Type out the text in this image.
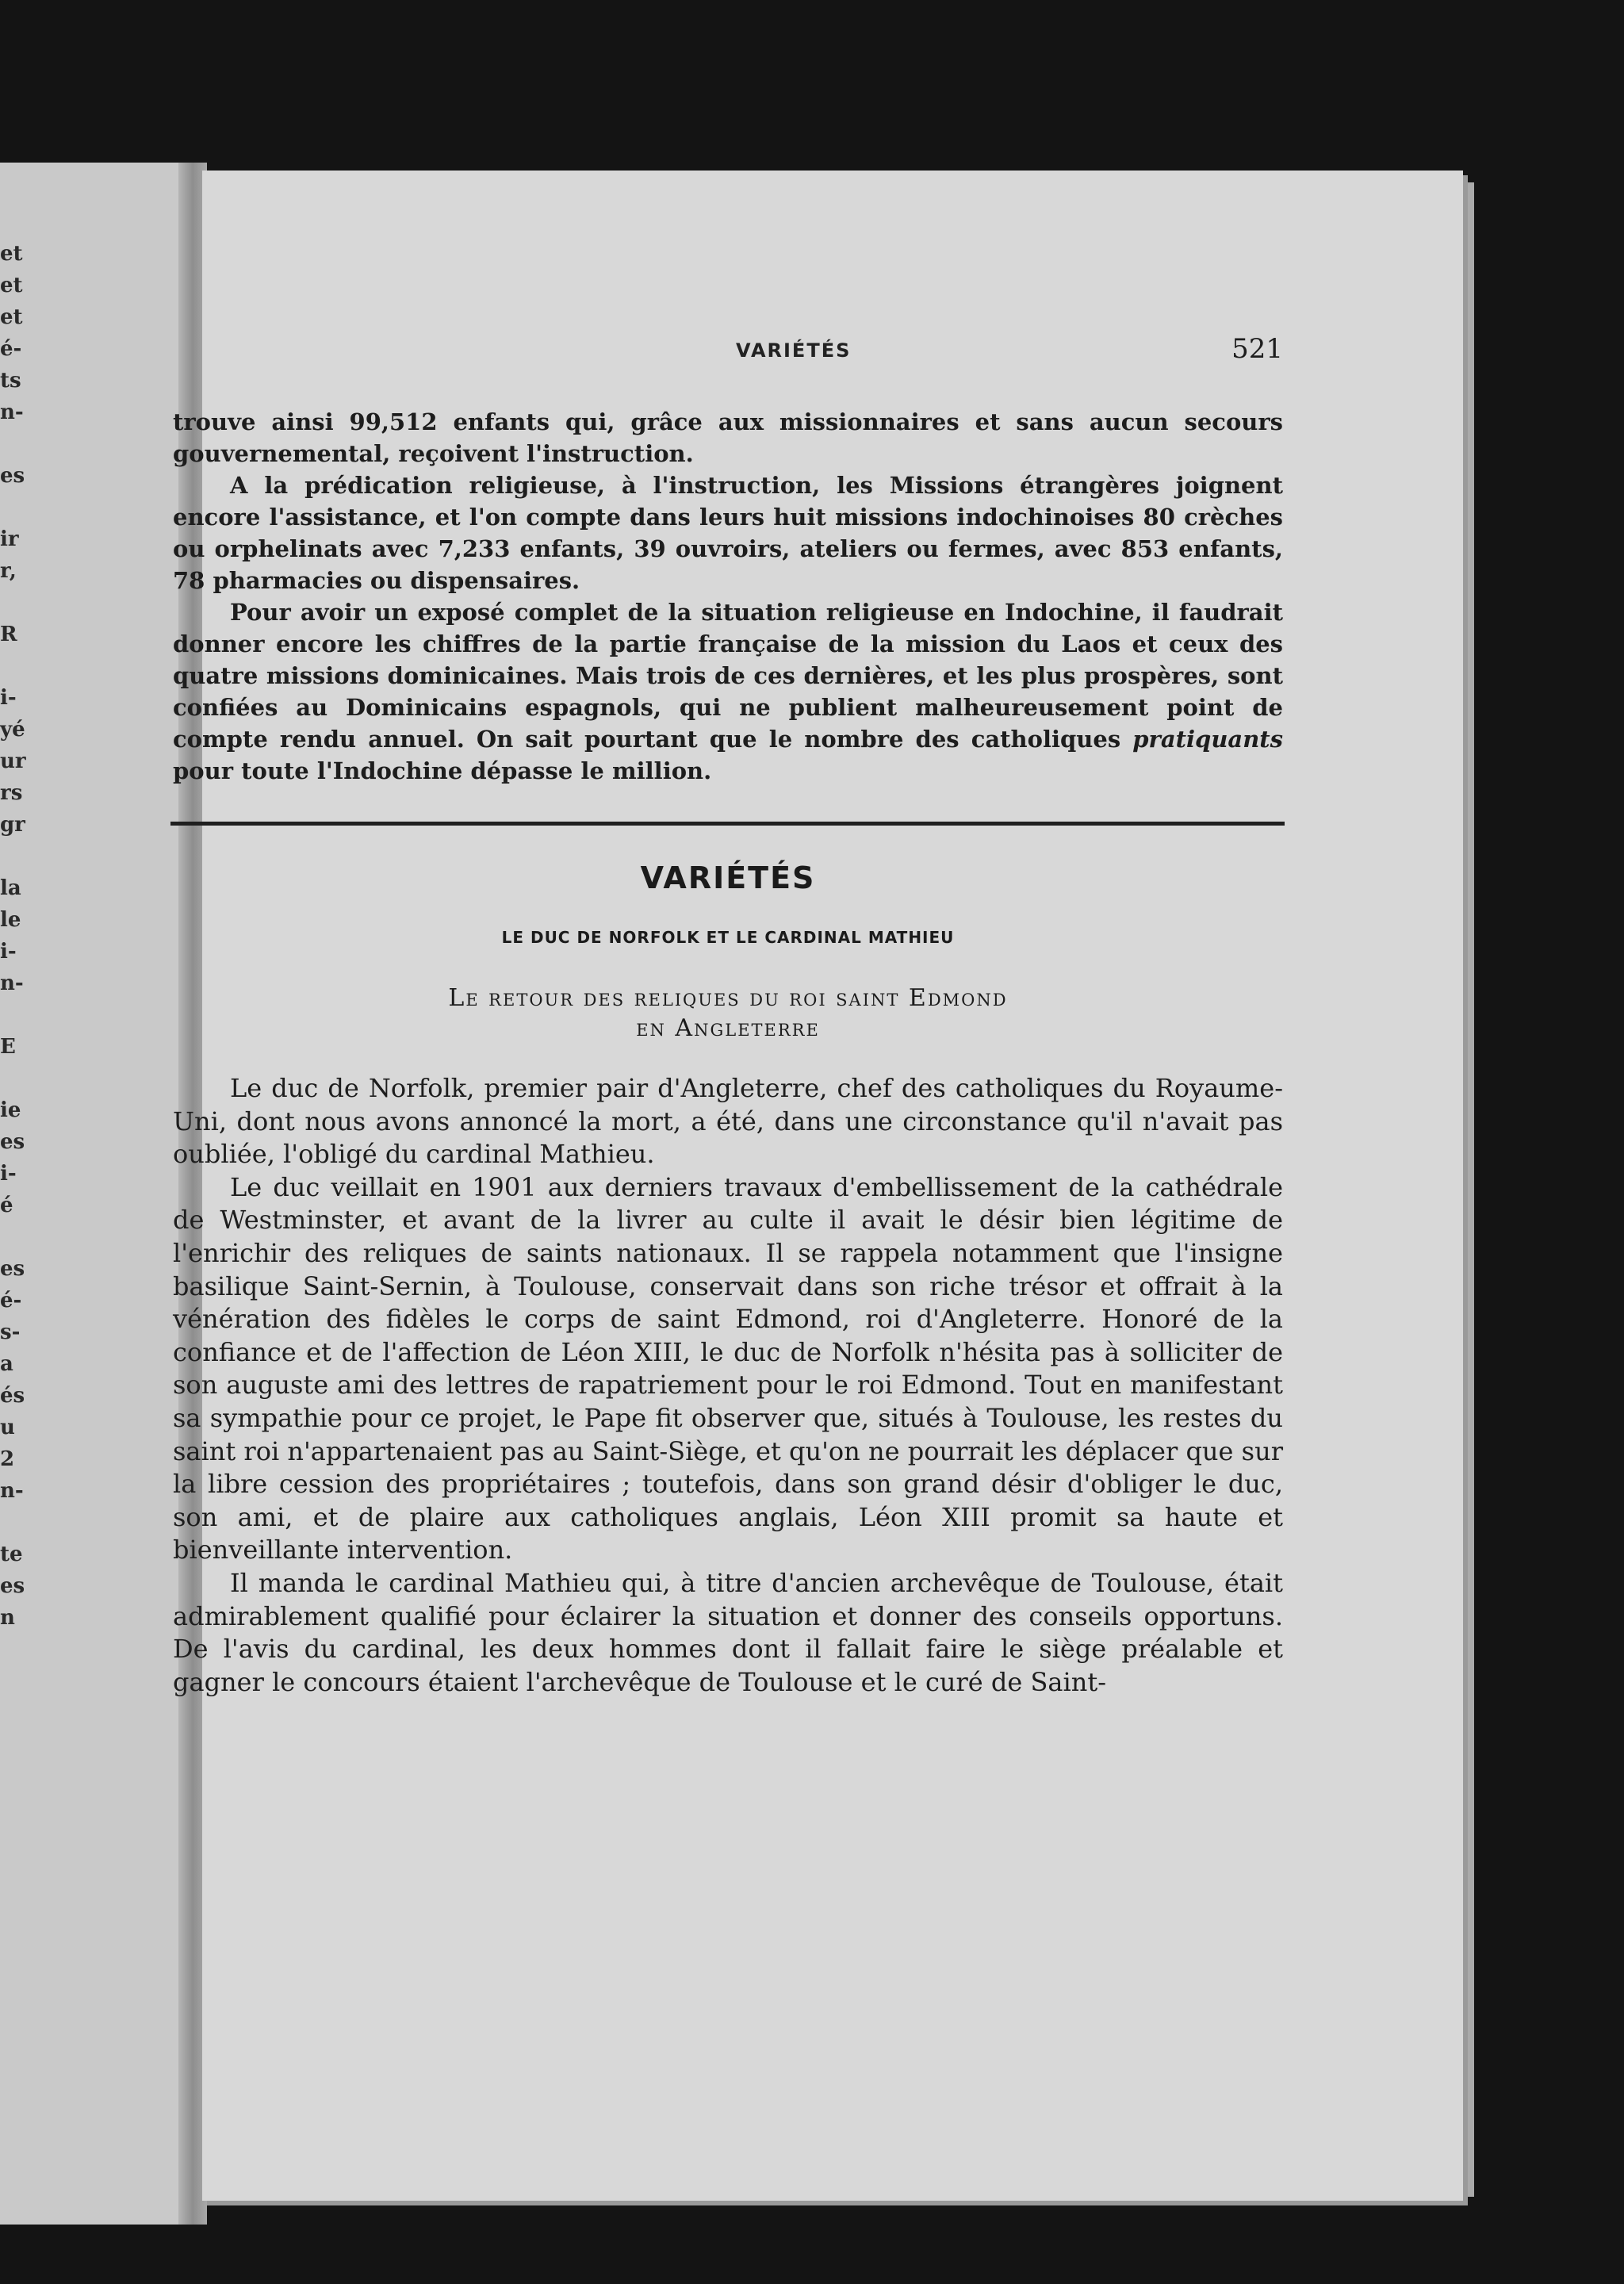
et
et
et
é-
ts
n-
es
ir
r,
R
i-
yé
ur
rs
gr
la
le
i-
n-
E
ie
es
i-
é
es
é-
s-
a
és
u
2
n-
te
es
n
VARIÉTÉS	521

trouve ainsi 99,512 enfants qui, grâce aux missionnaires et sans aucun secours gouvernemental, reçoivent l'instruction.

A la prédication religieuse, à l'instruction, les Missions étrangères joignent encore l'assistance, et l'on compte dans leurs huit missions indochinoises 80 crèches ou orphelinats avec 7,233 enfants, 39 ouvroirs, ateliers ou fermes, avec 853 enfants, 78 pharmacies ou dispensaires.

Pour avoir un exposé complet de la situation religieuse en Indochine, il faudrait donner encore les chiffres de la partie française de la mission du Laos et ceux des quatre missions dominicaines. Mais trois de ces dernières, et les plus prospères, sont confiées au Dominicains espagnols, qui ne publient malheureusement point de compte rendu annuel. On sait pourtant que le nombre des catholiques pratiquants pour toute l'Indochine dépasse le million.

VARIÉTÉS
LE DUC DE NORFOLK ET LE CARDINAL MATHIEU
Le retour des reliques du roi saint Edmond
en Angleterre

Le duc de Norfolk, premier pair d'Angleterre, chef des catholiques du Royaume-Uni, dont nous avons annoncé la mort, a été, dans une circonstance qu'il n'avait pas oubliée, l'obligé du cardinal Mathieu.

Le duc veillait en 1901 aux derniers travaux d'embellissement de la cathédrale de Westminster, et avant de la livrer au culte il avait le désir bien légitime de l'enrichir des reliques de saints nationaux. Il se rappela notamment que l'insigne basilique Saint-Sernin, à Toulouse, conservait dans son riche trésor et offrait à la vénération des fidèles le corps de saint Edmond, roi d'Angleterre. Honoré de la confiance et de l'affection de Léon XIII, le duc de Norfolk n'hésita pas à solliciter de son auguste ami des lettres de rapatriement pour le roi Edmond. Tout en manifestant sa sympathie pour ce projet, le Pape fit observer que, situés à Toulouse, les restes du saint roi n'appartenaient pas au Saint-Siège, et qu'on ne pourrait les déplacer que sur la libre cession des propriétaires ; toutefois, dans son grand désir d'obliger le duc, son ami, et de plaire aux catholiques anglais, Léon XIII promit sa haute et bienveillante intervention.

Il manda le cardinal Mathieu qui, à titre d'ancien archevêque de Toulouse, était admirablement qualifié pour éclairer la situation et donner des conseils opportuns. De l'avis du cardinal, les deux hommes dont il fallait faire le siège préalable et gagner le concours étaient l'archevêque de Toulouse et le curé de Saint-
